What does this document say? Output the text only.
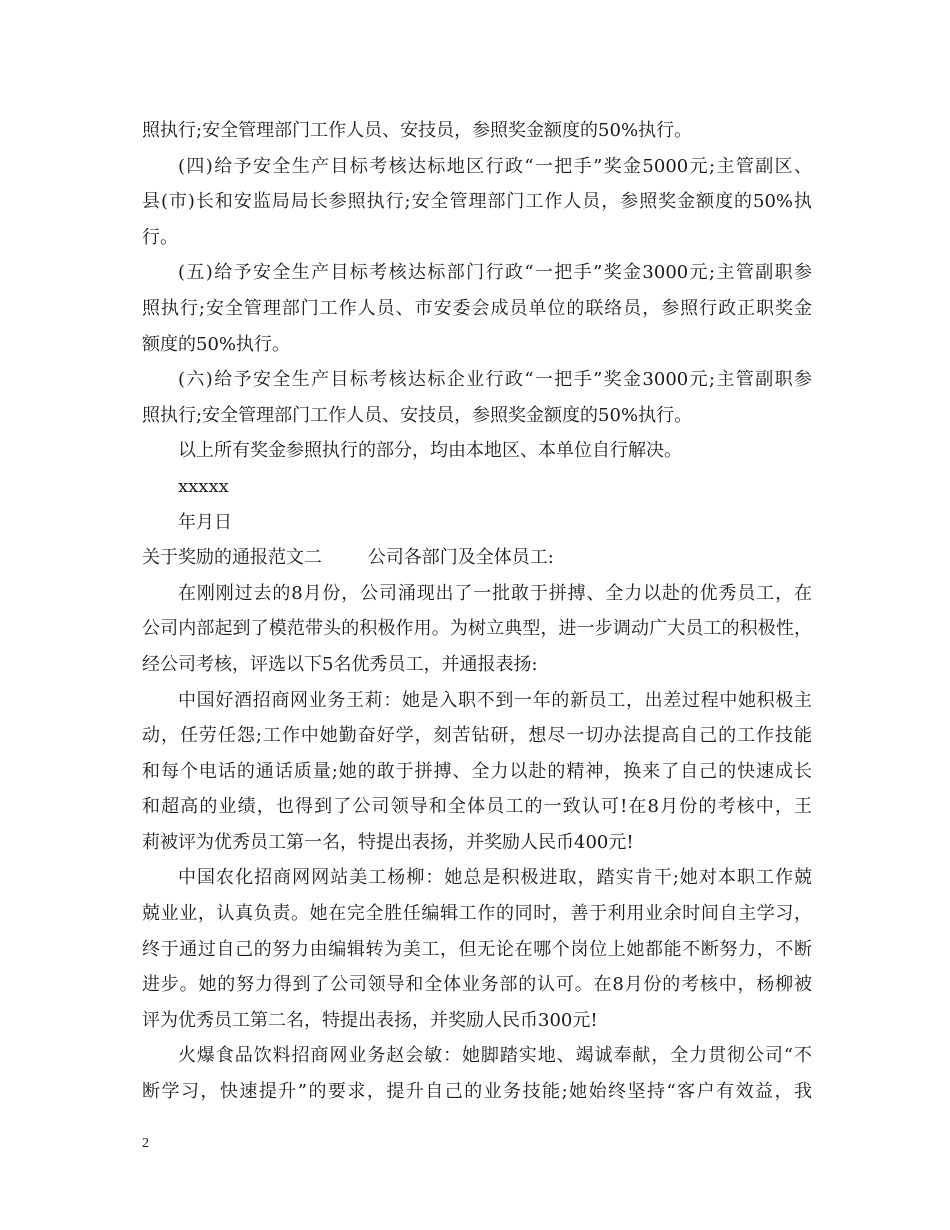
照执行;安全管理部门工作人员、安技员，参照奖金额度的50%执行。
(四)给予安全生产目标考核达标地区行政“一把手”奖金5000元;主管副区、
县(市)长和安监局局长参照执行;安全管理部门工作人员，参照奖金额度的50%执
行。
(五)给予安全生产目标考核达标部门行政“一把手”奖金3000元;主管副职参
照执行;安全管理部门工作人员、市安委会成员单位的联络员，参照行政正职奖金
额度的50%执行。
(六)给予安全生产目标考核达标企业行政“一把手”奖金3000元;主管副职参
照执行;安全管理部门工作人员、安技员，参照奖金额度的50%执行。
以上所有奖金参照执行的部分，均由本地区、本单位自行解决。
xxxxx
年月日
关于奖励的通报范文二        公司各部门及全体员工:
在刚刚过去的8月份，公司涌现出了一批敢于拼搏、全力以赴的优秀员工，在
公司内部起到了模范带头的积极作用。为树立典型，进一步调动广大员工的积极性，
经公司考核，评选以下5名优秀员工，并通报表扬:
中国好酒招商网业务王莉：她是入职不到一年的新员工，出差过程中她积极主
动，任劳任怨;工作中她勤奋好学，刻苦钻研，想尽一切办法提高自己的工作技能
和每个电话的通话质量;她的敢于拼搏、全力以赴的精神，换来了自己的快速成长
和超高的业绩，也得到了公司领导和全体员工的一致认可!在8月份的考核中，王
莉被评为优秀员工第一名，特提出表扬，并奖励人民币400元!
中国农化招商网网站美工杨柳：她总是积极进取，踏实肯干;她对本职工作兢
兢业业，认真负责。她在完全胜任编辑工作的同时，善于利用业余时间自主学习，
终于通过自己的努力由编辑转为美工，但无论在哪个岗位上她都能不断努力，不断
进步。她的努力得到了公司领导和全体业务部的认可。在8月份的考核中，杨柳被
评为优秀员工第二名，特提出表扬，并奖励人民币300元!
火爆食品饮料招商网业务赵会敏：她脚踏实地、竭诚奉献，全力贯彻公司“不
断学习，快速提升”的要求，提升自己的业务技能;她始终坚持“客户有效益，我
2
